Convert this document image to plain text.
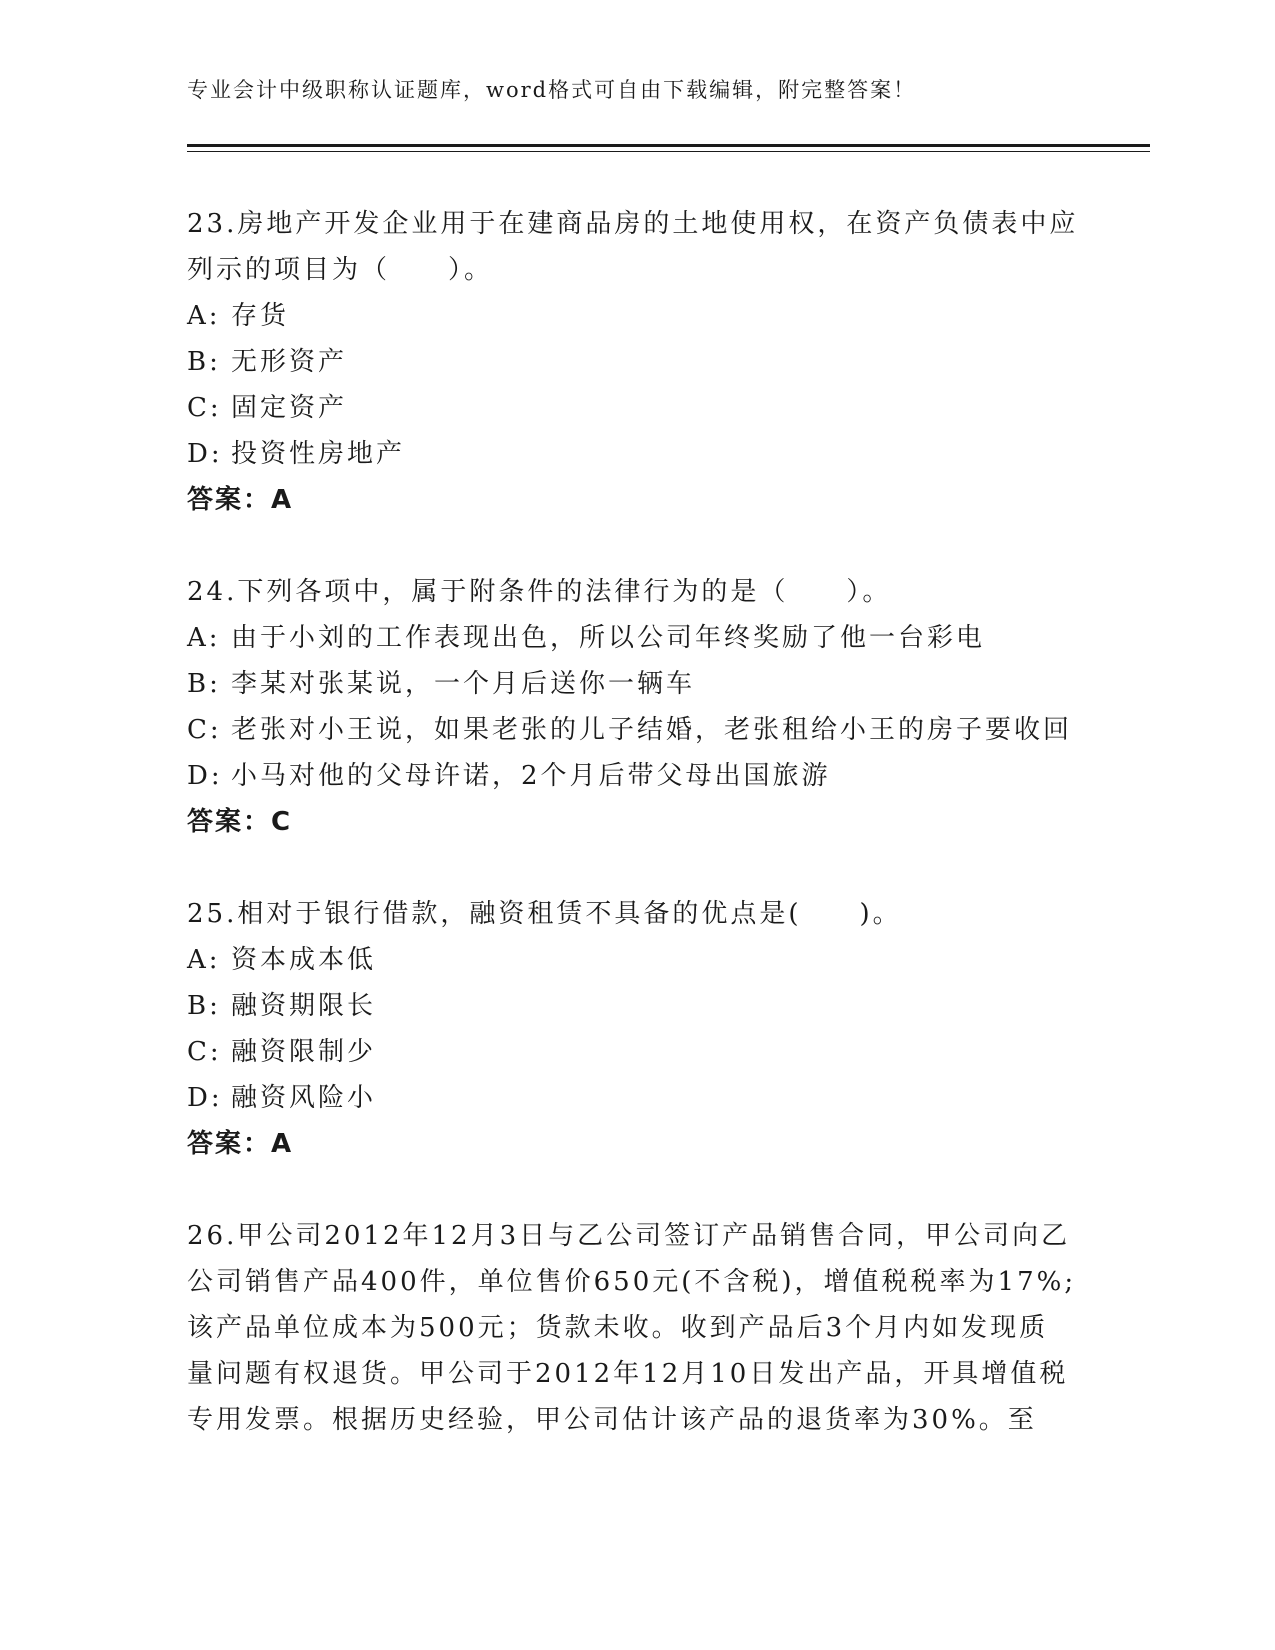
专业会计中级职称认证题库，word格式可自由下载编辑，附完整答案！
23.房地产开发企业用于在建商品房的土地使用权，在资产负债表中应
列示的项目为（　　）。
A: 存货
B: 无形资产
C: 固定资产
D: 投资性房地产
答案：A
24.下列各项中，属于附条件的法律行为的是（　　）。
A: 由于小刘的工作表现出色，所以公司年终奖励了他一台彩电
B: 李某对张某说，一个月后送你一辆车
C: 老张对小王说，如果老张的儿子结婚，老张租给小王的房子要收回
D: 小马对他的父母许诺，2个月后带父母出国旅游
答案：C
25.相对于银行借款，融资租赁不具备的优点是(　　)。
A: 资本成本低
B: 融资期限长
C: 融资限制少
D: 融资风险小
答案：A
26.甲公司2012年12月3日与乙公司签订产品销售合同，甲公司向乙
公司销售产品400件，单位售价650元(不含税)，增值税税率为17%;
该产品单位成本为500元；货款未收。收到产品后3个月内如发现质
量问题有权退货。甲公司于2012年12月10日发出产品，开具增值税
专用发票。根据历史经验，甲公司估计该产品的退货率为30%。至
